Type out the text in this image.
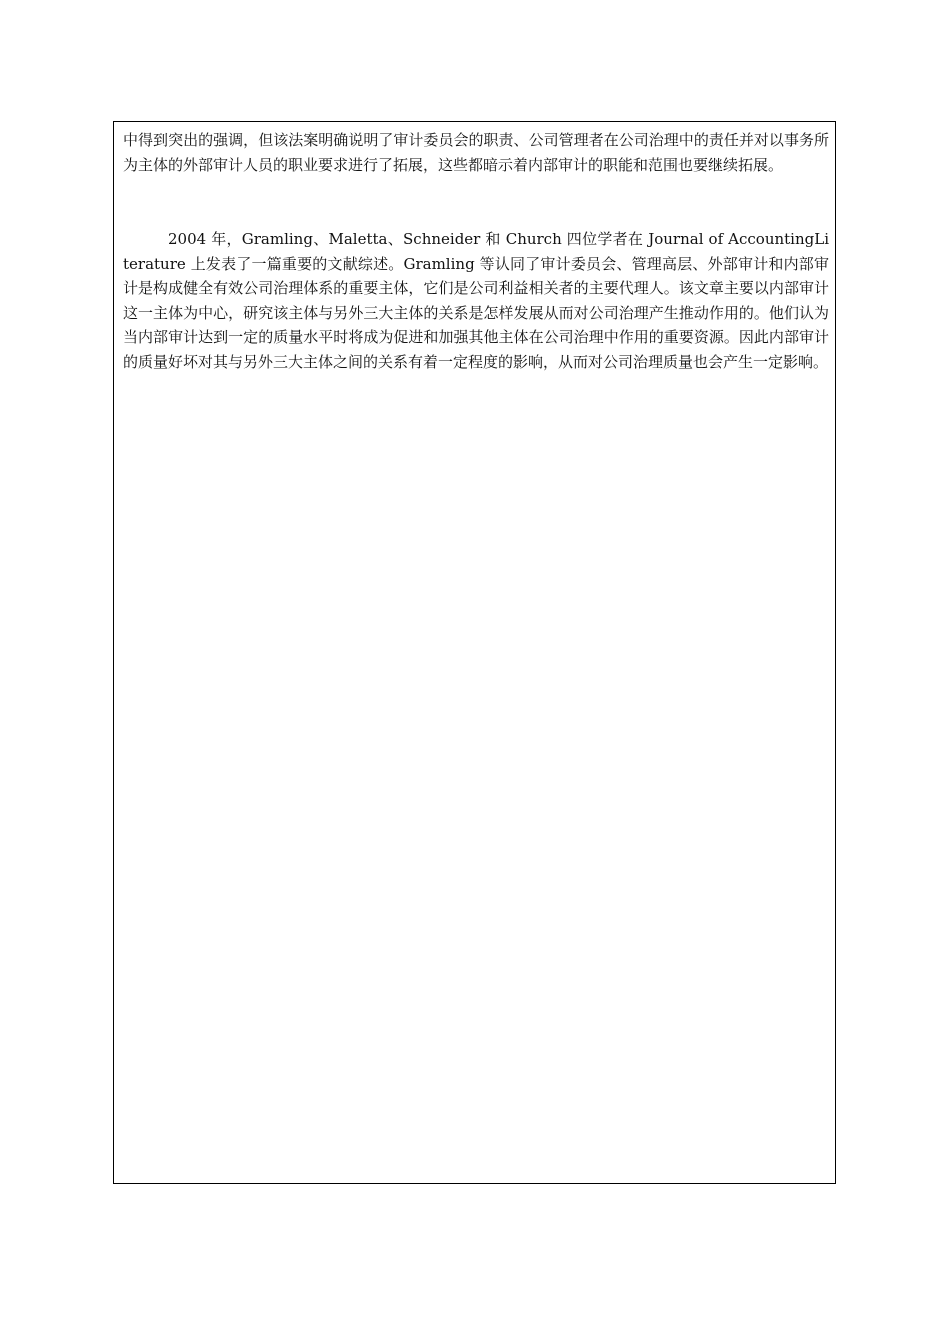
中得到突出的强调，但该法案明确说明了审计委员会的职责、公司管理者在公司治理中的责任并对以事务所为主体的外部审计人员的职业要求进行了拓展，这些都暗示着内部审计的职能和范围也要继续拓展。

2004 年，Gramling、Maletta、Schneider 和 Church 四位学者在 Journal of AccountingLiterature 上发表了一篇重要的文献综述。Gramling 等认同了审计委员会、管理高层、外部审计和内部审计是构成健全有效公司治理体系的重要主体，它们是公司利益相关者的主要代理人。该文章主要以内部审计这一主体为中心，研究该主体与另外三大主体的关系是怎样发展从而对公司治理产生推动作用的。他们认为当内部审计达到一定的质量水平时将成为促进和加强其他主体在公司治理中作用的重要资源。因此内部审计的质量好坏对其与另外三大主体之间的关系有着一定程度的影响，从而对公司治理质量也会产生一定影响。
